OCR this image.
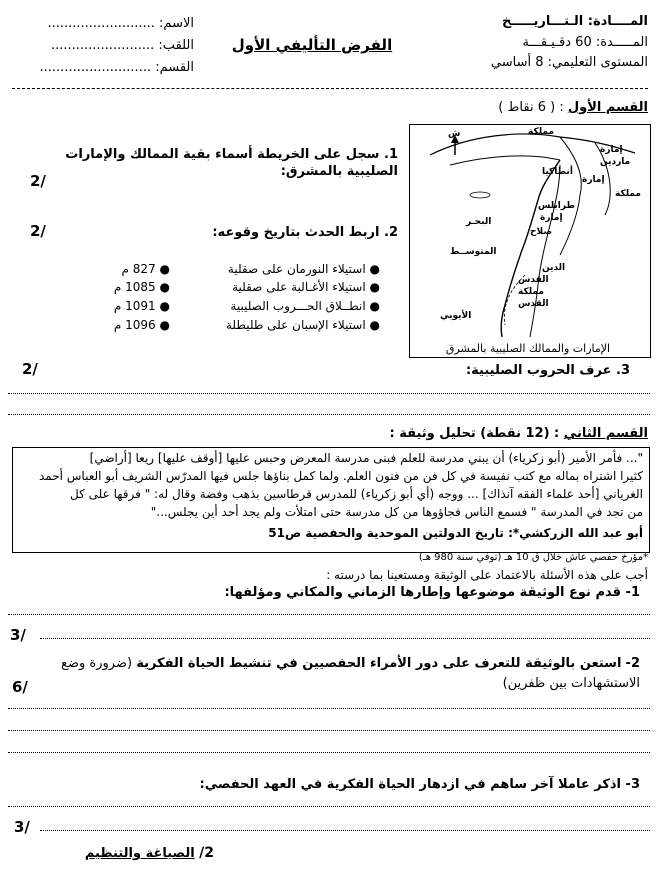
المــــادة: الـتـــاريـــــخ
المـــــدة: 60 دقـيـقـــة
المستوى التعليمي: 8 أساسي
الفرض التأليفي الأول
الاسم: ..........................
اللقب: .........................
القسم: ...........................
القسم الأول : ( 6 نقاط )
1. سجل على الخريطة أسماء بقية الممالك والإمارات الصليبية بالمشرق:
2/
2. اربط الحدث بتاريخ وقوعه:
2/
● استيلاء النورمان على صقلية
● 827 م
● استيلاء الأغـالبة على صقلية
● 1085 م
● انطــلاق الحـــروب الصليبية
● 1091 م
● استيلاء الإسبان على طليطلة
● 1096 م
ش	مملكة
إمارة
ماردين
أنطاكيا
إمارة
مملكة
طرابلس
إمارة
البحـر
صلاح
المتوســط
الدين
القدس
مملكة
القدس
الأيوبي
الإمارات والممالك الصليبية بالمشرق
3. عرف الحروب الصليبية:
2/
القسم الثاني : (12 نقطة) تحليل وثيقة :
"... فأمر الأمير (أبو زكرياء) أن يبني مدرسة للعلم فبنى مدرسة المعرض وحبس عليها [أوقف عليها] ريعا [أراضي]
كثيرا اشتراه بماله مع كتب نفيسة في كل فن من فنون العلم. ولما كمل بناؤها جلس فيها المدرّس الشريف أبو العباس أحمد
الغرياني [أحد علماء الفقه آنذاك] ... ووجه (أي أبو زكرياء) للمدرس قرطاسين بذهب وفضة وقال له: " فرقها على كل
من تجد في المدرسة " فسمع الناس فجاؤوها من كل مدرسة حتى امتلأت ولم يجد أحد أين يجلس..."
أبو عبد الله الزركشي*: تاريخ الدولتين الموحدية والحفصية ص51
*مؤرخ حفصي عاش خلال ق 10 هـ (توفي سنة 980 هـ)
أجب على هذه الأسئلة بالاعتماد على الوثيقة ومستعينا بما درسته :
1- قدم نوع الوثيقة موضوعها وإطارها الزماني والمكاني ومؤلفها:
3/
2- استعن بالوثيقة للتعرف على دور الأمراء الحفصيين في تنشيط الحياة الفكرية (ضرورة وضع الاستشهادات بين ظفرين)
6/
3- اذكر عاملا آخر ساهم في ازدهار الحياة الفكرية في العهد الحفصي:
3/
2/ الصياغة والتنظيم
